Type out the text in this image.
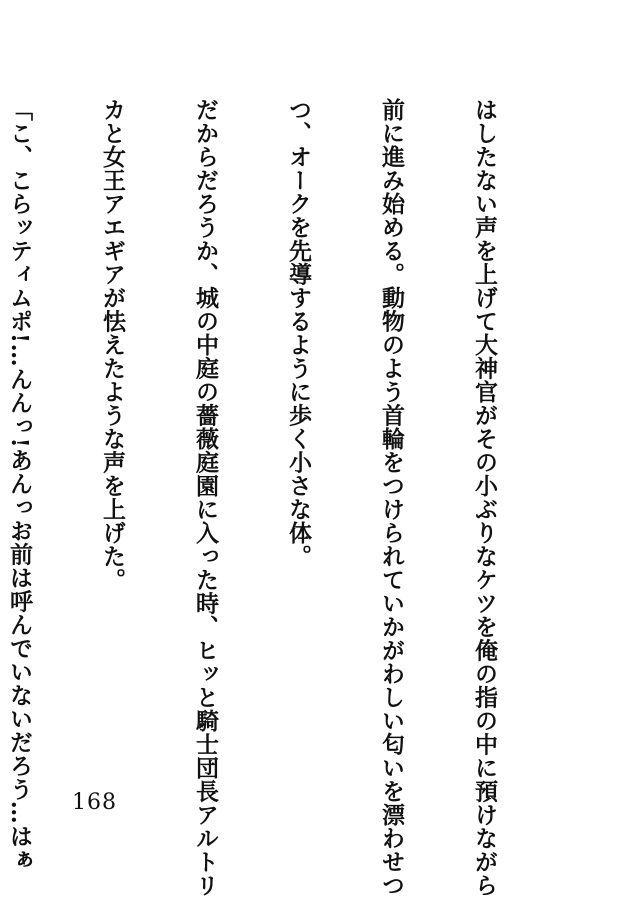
はしたない声を上げて大神官がその小ぶりなケツを俺の指の中に預けながら

前に進み始める。動物のよう首輪をつけられていかがわしい匂いを漂わせつ

つ、オークを先導するように歩く小さな体。

だからだろうか、城の中庭の薔薇庭園に入った時、ヒッと騎士団長アルトリ

カと女王アエギアが怯えたような声を上げた。

「こ、こらッティムポ!…んんっ!あんっお前は呼んでいないだろう…はぁ

168
